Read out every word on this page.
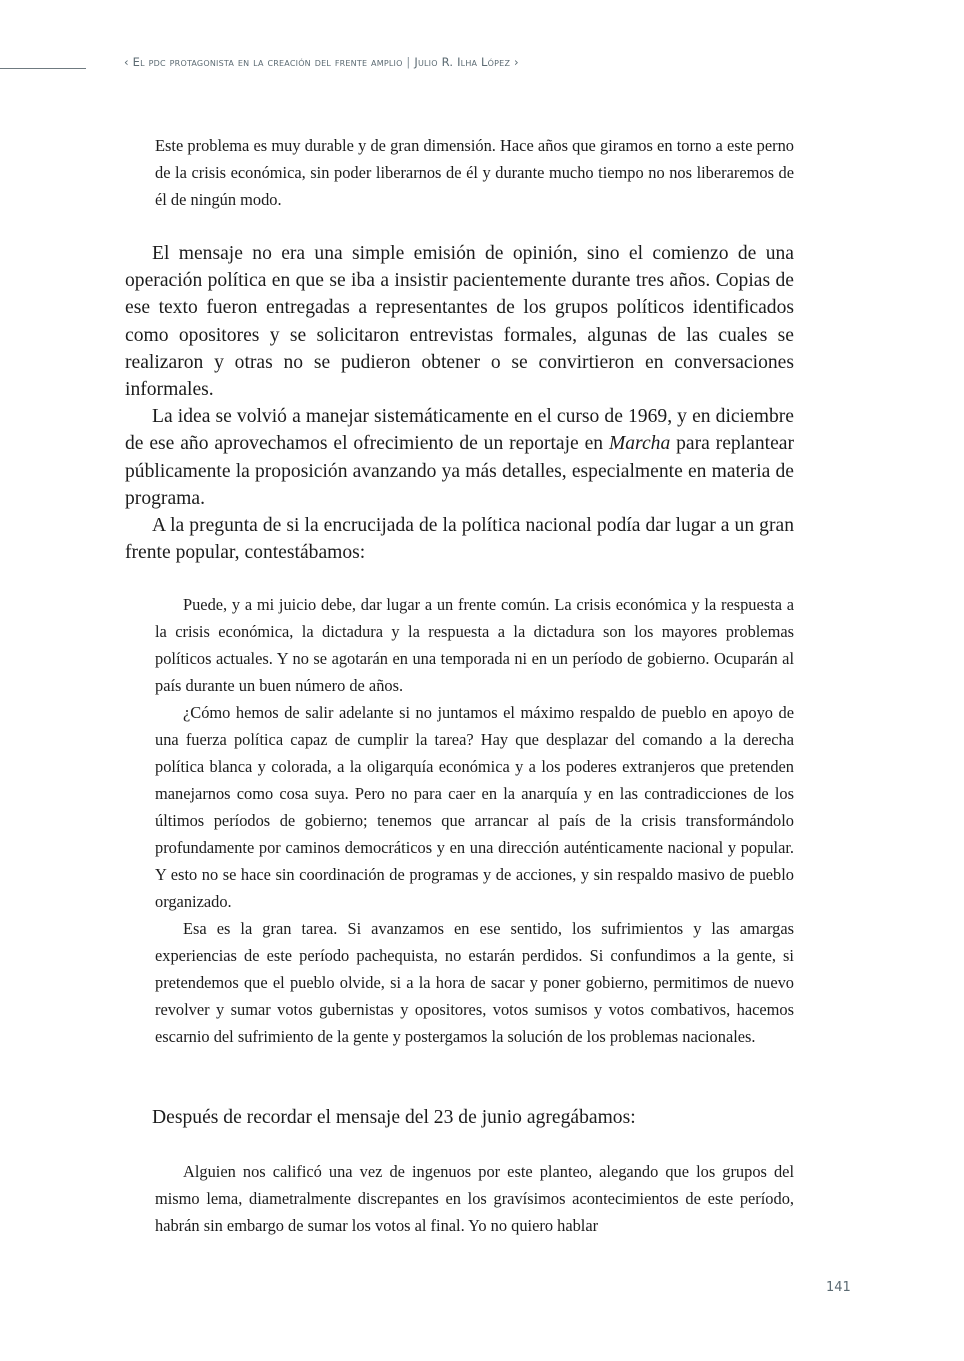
‹ El pdc protagonista en la creación del frente amplio | Julio R. Ilha López ›

Este problema es muy durable y de gran dimensión. Hace años que giramos en torno a este perno de la crisis económica, sin poder liberarnos de él y durante mucho tiempo no nos liberaremos de él de ningún modo.

El mensaje no era una simple emisión de opinión, sino el comienzo de una operación política en que se iba a insistir pacientemente durante tres años. Copias de ese texto fueron entregadas a representantes de los grupos políticos identificados como opositores y se solicitaron entrevistas formales, algunas de las cuales se realizaron y otras no se pudieron obtener o se convirtieron en conversaciones informales.

La idea se volvió a manejar sistemáticamente en el curso de 1969, y en diciembre de ese año aprovechamos el ofrecimiento de un reportaje en Marcha para replantear públicamente la proposición avanzando ya más detalles, especialmente en materia de programa.

A la pregunta de si la encrucijada de la política nacional podía dar lugar a un gran frente popular, contestábamos:

Puede, y a mi juicio debe, dar lugar a un frente común. La crisis económica y la respuesta a la crisis económica, la dictadura y la respuesta a la dictadura son los mayores problemas políticos actuales. Y no se agotarán en una temporada ni en un período de gobierno. Ocuparán al país durante un buen número de años.

¿Cómo hemos de salir adelante si no juntamos el máximo respaldo de pueblo en apoyo de una fuerza política capaz de cumplir la tarea? Hay que desplazar del comando a la derecha política blanca y colorada, a la oligarquía económica y a los poderes extranjeros que pretenden manejarnos como cosa suya. Pero no para caer en la anarquía y en las contradicciones de los últimos períodos de gobierno; tenemos que arrancar al país de la crisis transformándolo profundamente por caminos democráticos y en una dirección auténticamente nacional y popular. Y esto no se hace sin coordinación de programas y de acciones, y sin respaldo masivo de pueblo organizado.

Esa es la gran tarea. Si avanzamos en ese sentido, los sufrimientos y las amargas experiencias de este período pachequista, no estarán perdidos. Si confundimos a la gente, si pretendemos que el pueblo olvide, si a la hora de sacar y poner gobierno, permitimos de nuevo revolver y sumar votos gubernistas y opositores, votos sumisos y votos combativos, hacemos escarnio del sufrimiento de la gente y postergamos la solución de los problemas nacionales.

Después de recordar el mensaje del 23 de junio agregábamos:

Alguien nos calificó una vez de ingenuos por este planteo, alegando que los grupos del mismo lema, diametralmente discrepantes en los gravísimos acontecimientos de este período, habrán sin embargo de sumar los votos al final. Yo no quiero hablar

141
